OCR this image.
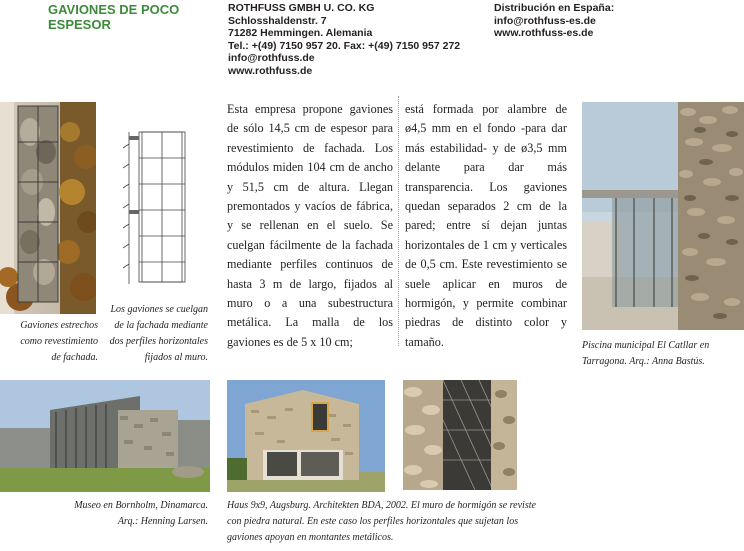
GAVIONES DE POCO ESPESOR
ROTHFUSS GMBH U. CO. KG
Schlosshaldenstr. 7
71282 Hemmingen. Alemania
Tel.: +(49) 7150 957 20. Fax: +(49) 7150 957 272
info@rothfuss.de
www.rothfuss.de
Distribución en España:
info@rothfuss-es.de
www.rothfuss-es.de
Gaviones estrechos
como revestimiento
de fachada.
Los gaviones se cuelgan
de la fachada mediante
dos perfiles horizontales
fijados al muro.
Esta empresa propone gaviones de sólo 14,5 cm de espesor para revestimiento de fachada. Los módulos miden 104 cm de ancho y 51,5 cm de altura. Llegan premontados y vacíos de fábrica, y se rellenan en el suelo. Se cuelgan fácilmente de la fachada mediante perfiles continuos de hasta 3 m de largo, fijados al muro o a una subestructura metálica. La malla de los gaviones es de 5 x 10 cm;
está formada por alambre de ø4,5 mm en el fondo -para dar más estabilidad- y de ø3,5 mm delante para dar más transparencia. Los gaviones quedan separados 2 cm de la pared; entre sí dejan juntas horizontales de 1 cm y verticales de 0,5 cm. Este revestimiento se suele aplicar en muros de hormigón, y permite combinar piedras de distinto color y tamaño.	Piscina municipal El Catllar en
Tarragona. Arq.: Anna Bastús.
Museo en Bornholm, Dinamarca.
Arq.: Henning Larsen.
Haus 9x9, Augsburg. Architekten BDA, 2002. El muro de hormigón se reviste
con piedra natural. En este caso los perfiles horizontales que sujetan los
gaviones apoyan en montantes metálicos.
